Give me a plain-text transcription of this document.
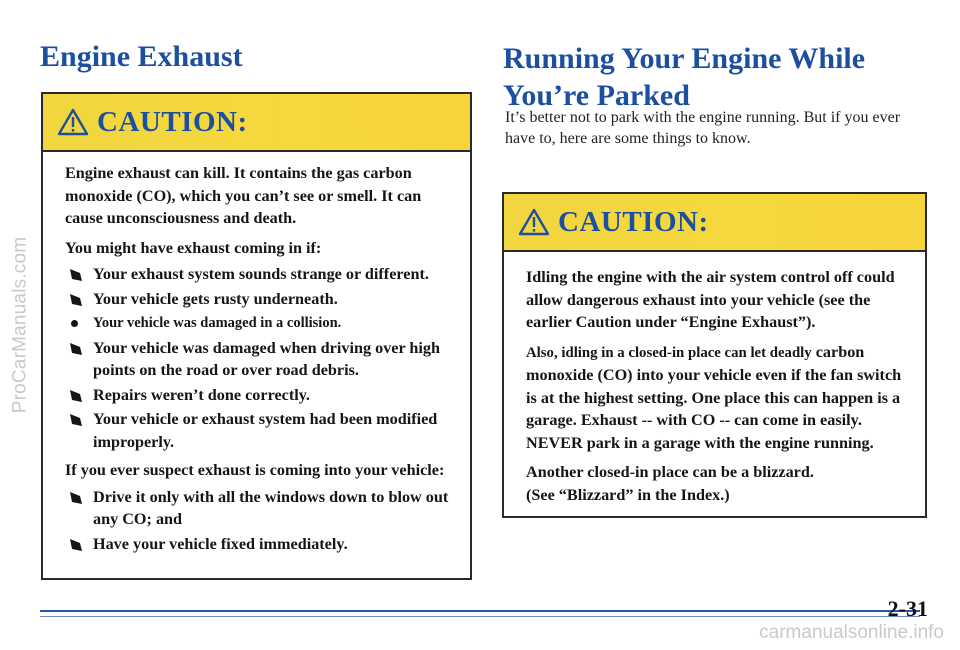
ProCarManuals.com
Engine Exhaust
CAUTION:

Engine exhaust can kill. It contains the gas carbon monoxide (CO), which you can’t see or smell. It can cause unconsciousness and death.

You might have exhaust coming in if:

Your exhaust system sounds strange or different.
Your vehicle gets rusty underneath.
Your vehicle was damaged in a collision.
Your vehicle was damaged when driving over high points on the road or over road debris.
Repairs weren’t done correctly.
Your vehicle or exhaust system had been modified improperly.

If you ever suspect exhaust is coming into your vehicle:

Drive it only with all the windows down to blow out any CO; and
Have your vehicle fixed immediately.
Running Your Engine While
You’re Parked

It’s better not to park with the engine running. But if you ever have to, here are some things to know.

CAUTION:

Idling the engine with the air system control off could allow dangerous exhaust into your vehicle (see the earlier Caution under “Engine Exhaust”).

Also, idling in a closed-in place can let deadly carbon monoxide (CO) into your vehicle even if the fan switch is at the highest setting. One place this can happen is a garage. Exhaust -- with CO -- can come in easily. NEVER park in a garage with the engine running.

Another closed-in place can be a blizzard.

(See “Blizzard” in the Index.)

2-31
carmanualsonline.info
